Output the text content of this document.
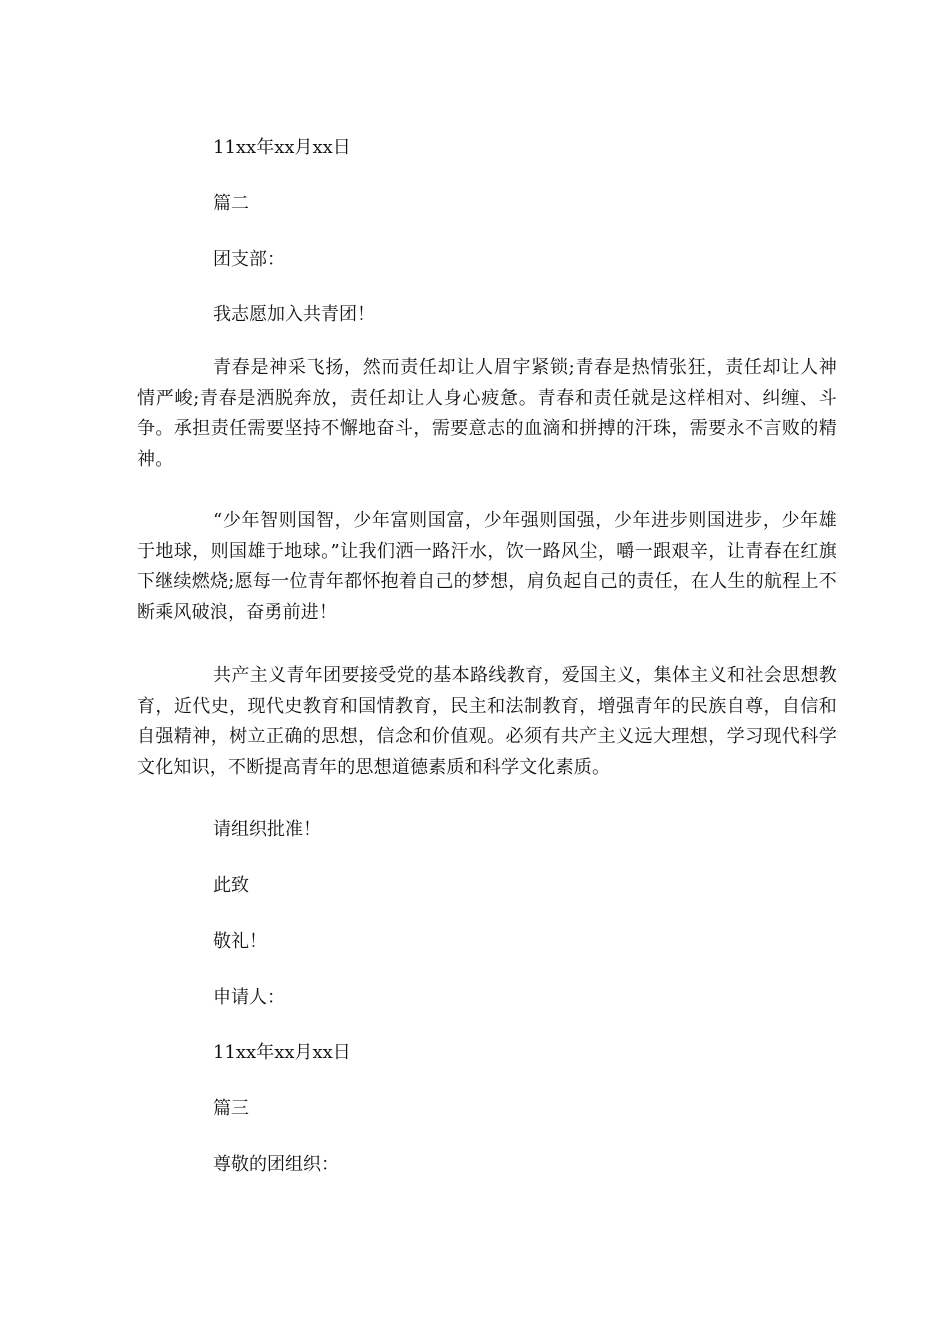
11xx年xx月xx日
篇二
团支部：
我志愿加入共青团！
青春是神采飞扬，然而责任却让人眉宇紧锁;青春是热情张狂，责任却让人神情严峻;青春是洒脱奔放，责任却让人身心疲惫。青春和责任就是这样相对、纠缠、斗争。承担责任需要坚持不懈地奋斗，需要意志的血滴和拼搏的汗珠，需要永不言败的精神。
“少年智则国智，少年富则国富，少年强则国强，少年进步则国进步，少年雄于地球，则国雄于地球。”让我们洒一路汗水，饮一路风尘，嚼一跟艰辛，让青春在红旗下继续燃烧;愿每一位青年都怀抱着自己的梦想，肩负起自己的责任，在人生的航程上不断乘风破浪，奋勇前进！
共产主义青年团要接受党的基本路线教育，爱国主义，集体主义和社会思想教育，近代史，现代史教育和国情教育，民主和法制教育，增强青年的民族自尊，自信和自强精神，树立正确的思想，信念和价值观。必须有共产主义远大理想，学习现代科学文化知识，不断提高青年的思想道德素质和科学文化素质。
请组织批准！
此致
敬礼！
申请人：
11xx年xx月xx日
篇三
尊敬的团组织：
